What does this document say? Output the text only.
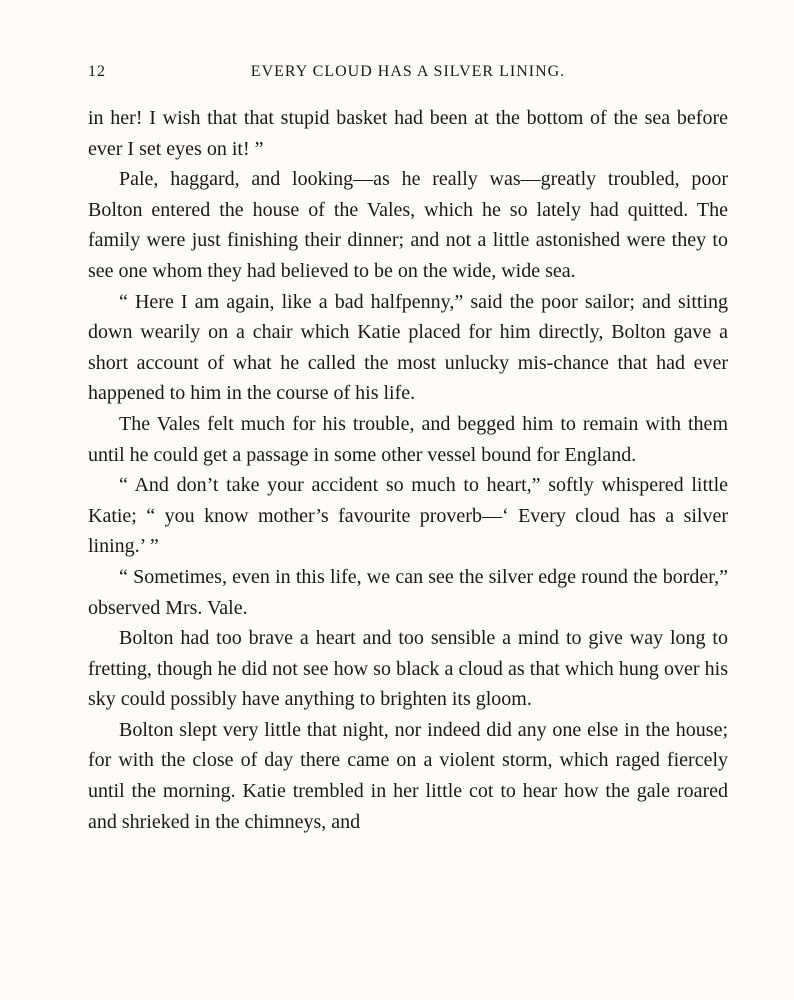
12	EVERY CLOUD HAS A SILVER LINING.

in her! I wish that that stupid basket had been at the bottom of the sea before ever I set eyes on it! ”

Pale, haggard, and looking—as he really was—greatly troubled, poor Bolton entered the house of the Vales, which he so lately had quitted. The family were just finishing their dinner; and not a little astonished were they to see one whom they had believed to be on the wide, wide sea.

“ Here I am again, like a bad halfpenny,” said the poor sailor; and sitting down wearily on a chair which Katie placed for him directly, Bolton gave a short account of what he called the most unlucky mis-chance that had ever happened to him in the course of his life.

The Vales felt much for his trouble, and begged him to remain with them until he could get a passage in some other vessel bound for England.

“ And don’t take your accident so much to heart,” softly whispered little Katie; “ you know mother’s favourite proverb—‘ Every cloud has a silver lining.’ ”

“ Sometimes, even in this life, we can see the silver edge round the border,” observed Mrs. Vale.

Bolton had too brave a heart and too sensible a mind to give way long to fretting, though he did not see how so black a cloud as that which hung over his sky could possibly have anything to brighten its gloom.

Bolton slept very little that night, nor indeed did any one else in the house; for with the close of day there came on a violent storm, which raged fiercely until the morning. Katie trembled in her little cot to hear how the gale roared and shrieked in the chimneys, and
